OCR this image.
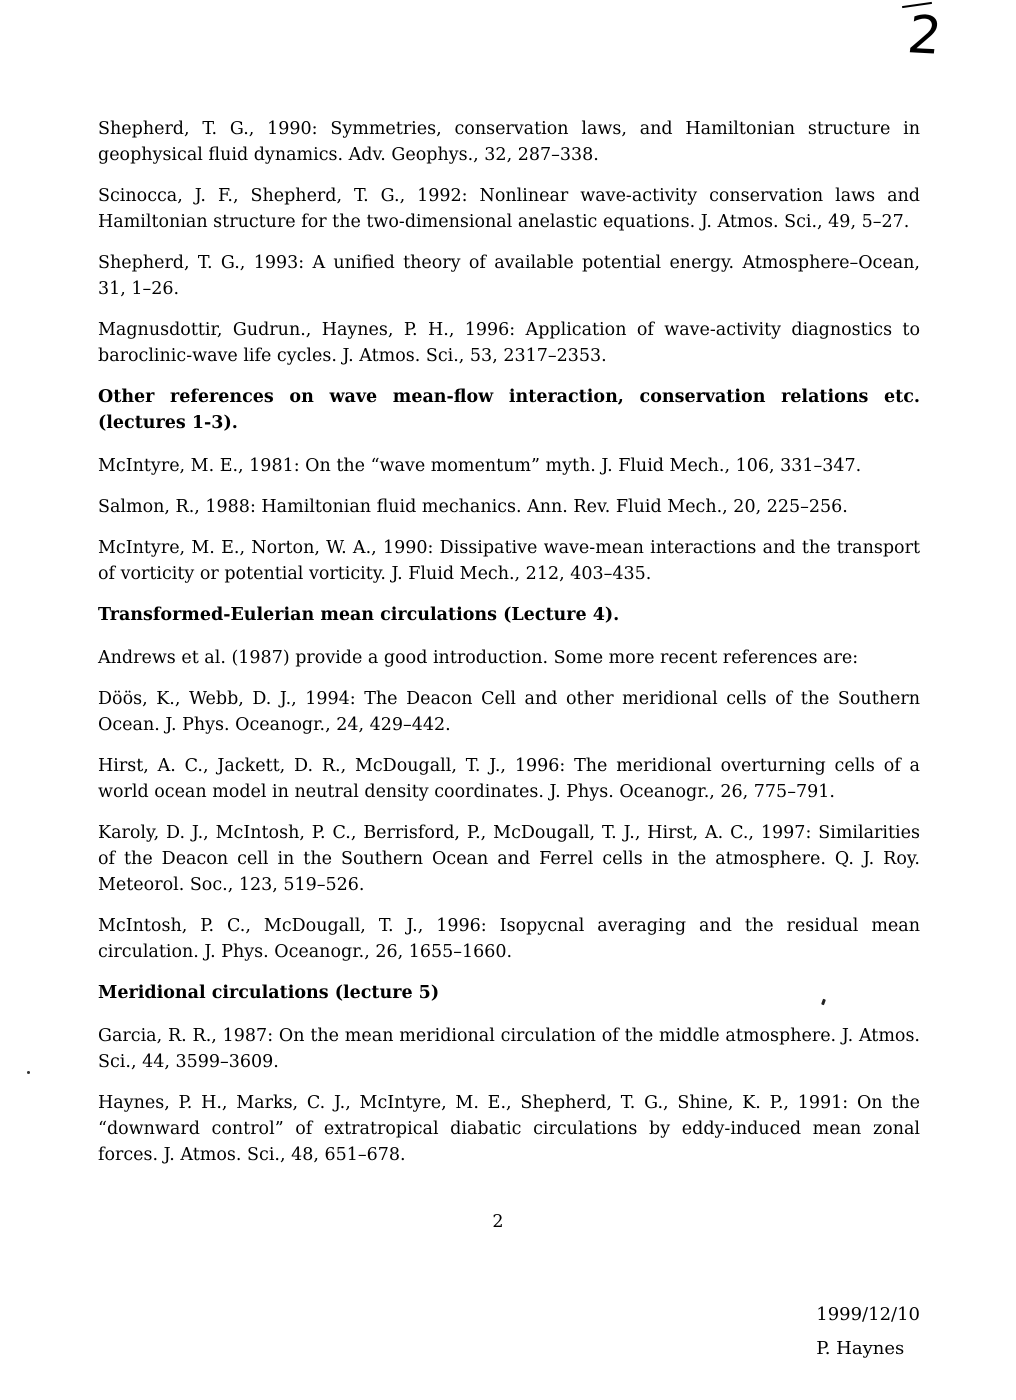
2

Shepherd, T. G., 1990: Symmetries, conservation laws, and Hamiltonian structure in geophysical fluid dynamics. Adv. Geophys., 32, 287–338.

Scinocca, J. F., Shepherd, T. G., 1992: Nonlinear wave-activity conservation laws and Hamiltonian structure for the two-dimensional anelastic equations. J. Atmos. Sci., 49, 5–27.

Shepherd, T. G., 1993: A unified theory of available potential energy. Atmosphere–Ocean, 31, 1–26.

Magnusdottir, Gudrun., Haynes, P. H., 1996: Application of wave-activity diagnostics to baroclinic-wave life cycles. J. Atmos. Sci., 53, 2317–2353.

Other references on wave mean-flow interaction, conservation relations etc. (lectures 1-3).

McIntyre, M. E., 1981: On the “wave momentum” myth. J. Fluid Mech., 106, 331–347.

Salmon, R., 1988: Hamiltonian fluid mechanics. Ann. Rev. Fluid Mech., 20, 225–256.

McIntyre, M. E., Norton, W. A., 1990: Dissipative wave-mean interactions and the transport of vorticity or potential vorticity. J. Fluid Mech., 212, 403–435.

Transformed-Eulerian mean circulations (Lecture 4).

Andrews et al. (1987) provide a good introduction. Some more recent references are:

Döös, K., Webb, D. J., 1994: The Deacon Cell and other meridional cells of the Southern Ocean. J. Phys. Oceanogr., 24, 429–442.

Hirst, A. C., Jackett, D. R., McDougall, T. J., 1996: The meridional overturning cells of a world ocean model in neutral density coordinates. J. Phys. Oceanogr., 26, 775–791.

Karoly, D. J., McIntosh, P. C., Berrisford, P., McDougall, T. J., Hirst, A. C., 1997: Similarities of the Deacon cell in the Southern Ocean and Ferrel cells in the atmosphere. Q. J. Roy. Meteorol. Soc., 123, 519–526.

McIntosh, P. C., McDougall, T. J., 1996: Isopycnal averaging and the residual mean circulation. J. Phys. Oceanogr., 26, 1655–1660.

Meridional circulations (lecture 5)

Garcia, R. R., 1987: On the mean meridional circulation of the middle atmosphere. J. Atmos. Sci., 44, 3599–3609.

Haynes, P. H., Marks, C. J., McIntyre, M. E., Shepherd, T. G., Shine, K. P., 1991: On the “downward control” of extratropical diabatic circulations by eddy-induced mean zonal forces. J. Atmos. Sci., 48, 651–678.

2
1999/12/10
P. Haynes
